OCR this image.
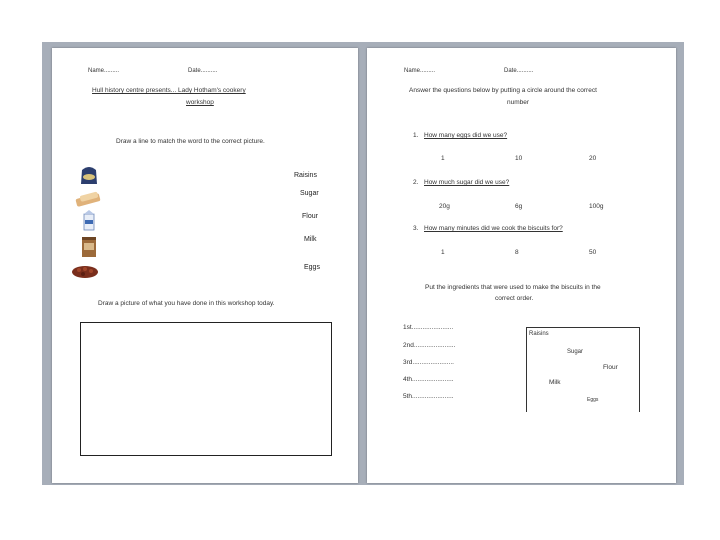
Name.........	Date..........
Hull history centre presents... Lady Hotham's cookery
workshop
Draw a line to match the word to the correct picture.
Raisins
Sugar
Flour
Milk
Eggs
Draw a picture of what you have done in this workshop today.
Name.........	Date..........
Answer the questions below by putting a circle around the correct
number
1. How many eggs did we use?
1	10	20
2. How much sugar did we use?
20g	6g	100g
3. How many minutes did we cook the biscuits for?
1	8	50
Put the ingredients that were used to make the biscuits in the
correct order.
1st.......................
2nd.......................
3rd.......................
4th.......................
5th.......................
Raisins
Sugar
Flour
Milk
Eggs
